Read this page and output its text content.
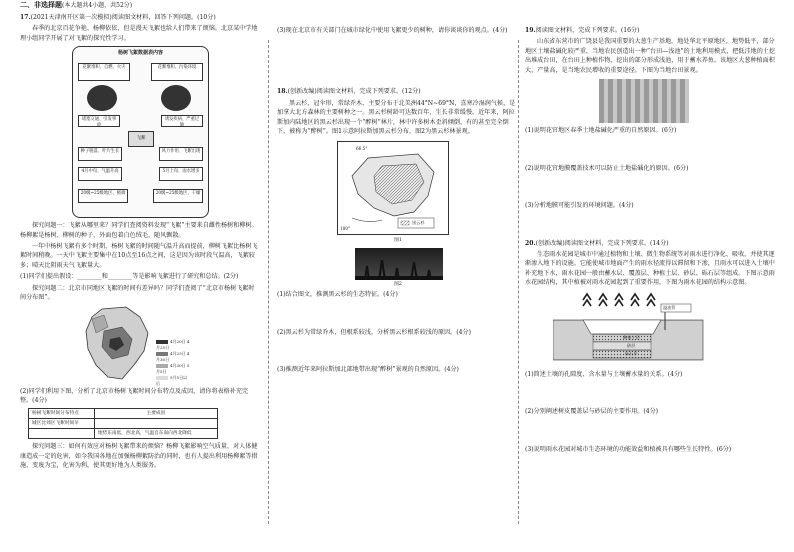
二、非选择题(本大题共4小题，共52分)

17.(2021天津南开区第一次模拟)阅读图文材料，回答下列问题。(10分)

春季的北京百花争艳、杨柳依依，但是漫天飞絮也给人们带来了烦恼。北京某中学地理小组同学开展了对飞絮的探究性学习。

杨树飞絮数据表内容
花絮堆积、自燃、火灾	花絮堆积、污染环境
堵塞交通、引发事故
诱发疾病、严重过敏
飞絮
种子脱落、叶片生长	风力作用、飞絮出现
4月中旬、气温升高	5月上旬、雨水增多
20级~25级地区、极端	20级~25级地区、干燥

探究问题一：飞絮从哪里来？同学们查阅资料发现“飞絮”主要来自雌性杨树和柳树。杨柳絮是杨树、柳树的种子，外面包着白色绒毛，随风飘散。

一年中杨树飞絮有多个时期，杨树飞絮的时间随气温升高而提前，柳树飞絮比杨树飞絮时间稍晚。一天中飞絮主要集中在10点至16点之间，这是因为该时段气温高，飞絮较多；晴天比阴雨天气飞絮量大。

(1)同学们提出假设：________和________等是影响飞絮进行了研究和总结。(2分)

探究问题二：北京市同地区飞絮的时间有差异吗？同学们查阅了“北京市杨树飞絮时间分布图”。

4月20日 4月25日
4月25日 4月30日
4月30日 5月5日
5月5日以后

(2)同学们利用下图，分析了北京市杨树飞絮时间分布特点及成因，请你将表格补充完整。(4分)

杨树飞絮时间分布特点	主要成因
城区比郊区飞絮时间早	
	地势东南低，西北高，气温自东南向西北降低

探究问题三：如何有效应对杨树飞絮带来的烦恼？杨柳飞絮影响空气质量，对人体健康造成一定的危害，如今我国各地在加强杨柳絮防治的同时，也有人提出利用杨柳絮等措施，变废为宝，化害为利，使其更好地为人类服务。

(3)现在北京市有关部门在城市绿化中使用飞絮更少的树种，请你谈谈你的观点。(4分)

18.(创新改编)阅读图文材料，完成下列要求。(12分)

黑云杉，冠伞形，常绿乔木，主要分布于北美洲44°N~69°N，喜寒冷湿润气候，是加拿大北方森林的主要树种之一。黑云杉树龄可达数百年，生长非常缓慢。近年来，阿拉斯加内陆地区的黑云杉出现一个“醉树”林片，林中许多树木歪斜倾倒，有的甚至完全倒下，被称为“醉树”。图1示意阿拉斯加黑云杉分布，图2为黑云杉林景观。

66.5°
180°
黑云杉

图1

图2

(1)结合图文，推测黑云杉的生态特征。(4分)

(2)黑云杉为常绿乔木，但根系较浅，分析黑云杉根系较浅的原因。(4分)

(3)推测近年来阿拉斯加北部地带出现“醉树”景观的自然原因。(4分)

19.阅读图文材料，完成下列要求。(16分)

山东省东营市的广饶县是我国重要的大葱生产基地，地处华北平原地区，地势低平，部分地区土壤盐碱化较严重，当地农民创造出一种“台田—浅池”的土地利用模式，把低洼地的土挖出堆成台田，在台田上种植作物，挖出的部分形成浅池，用于蓄水养鱼。该地区大葱种植面积大，产量高，是当地农民增收的重要途径。下图为当地台田景观。

(1)说明花官地区春季土地盐碱化严重的自然原因。(6分)

(2)说明花官地膜覆盖技术可以防止土地盐碱化的原因。(6分)

(3)分析地膜可能引发的环境问题。(4分)

20.(创新改编)阅读图文材料，完成下列要求。(14分)

生态雨水花园是城市中通过植物和土壤、微生物系统等对雨水进行净化、吸收，并使其逐渐渗入地下的设施。它能使城市地面产生的雨水径流得以滞留和下渗，且雨水可以进入土壤中补充地下水，雨水花园一般由蓄水层、覆盖层、种植土层、砂层、砾石层等组成。下图示意雨水花园结构，其中植被对雨水花园起到了重要作用，下图为雨水花园的结构示意图。

种植土层
砂层
砾石层
溢流管

(1)简述土壤的孔隙度、含水量与土壤蓄水量的关系。(4分)

(2)分别阐述树皮覆盖层与砂层的主要作用。(4分)

(3)说明雨水花园对城市生态环境的功能效益和植被具有哪些生长特性。(6分)
